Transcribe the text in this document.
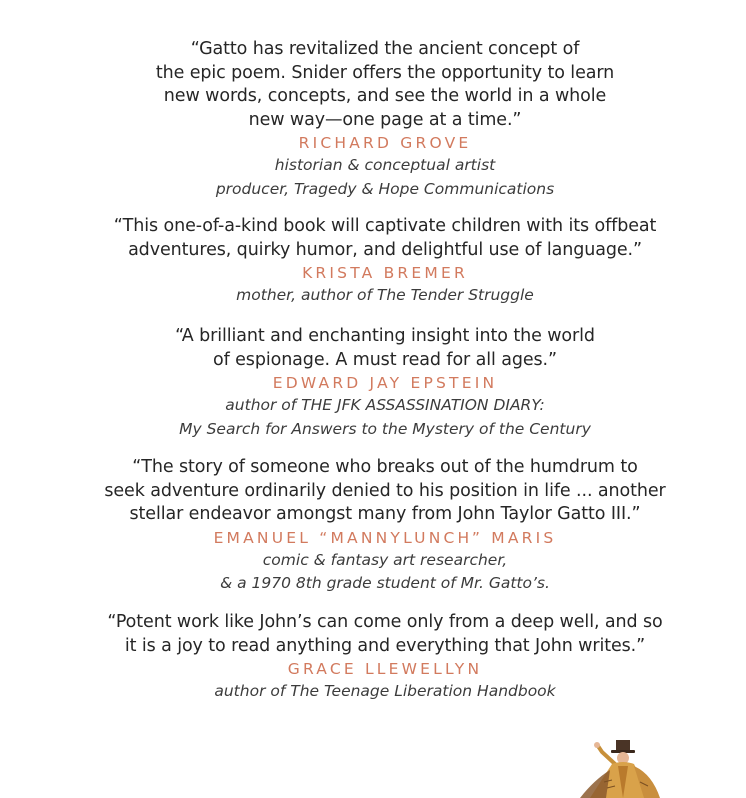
“Gatto has revitalized the ancient concept of
the epic poem. Snider offers the opportunity to learn
new words, concepts, and see the world in a whole
new way—one page at a time.”
RICHARD GROVE
historian & conceptual artist
producer, Tragedy & Hope Communications
“This one-of-a-kind book will captivate children with its offbeat
adventures, quirky humor, and delightful use of language.”
KRISTA BREMER
mother, author of The Tender Struggle
“A brilliant and enchanting insight into the world
of espionage. A must read for all ages.”
EDWARD JAY EPSTEIN
author of THE JFK ASSASSINATION DIARY:
My Search for Answers to the Mystery of the Century
“The story of someone who breaks out of the humdrum to
seek adventure ordinarily denied to his position in life ... another
stellar endeavor amongst many from John Taylor Gatto III.”
EMANUEL “MANNYLUNCH” MARIS
comic & fantasy art researcher,
& a 1970 8th grade student of Mr. Gatto’s.
“Potent work like John’s can come only from a deep well, and so
it is a joy to read anything and everything that John writes.”
GRACE LLEWELLYN
author of The Teenage Liberation Handbook
